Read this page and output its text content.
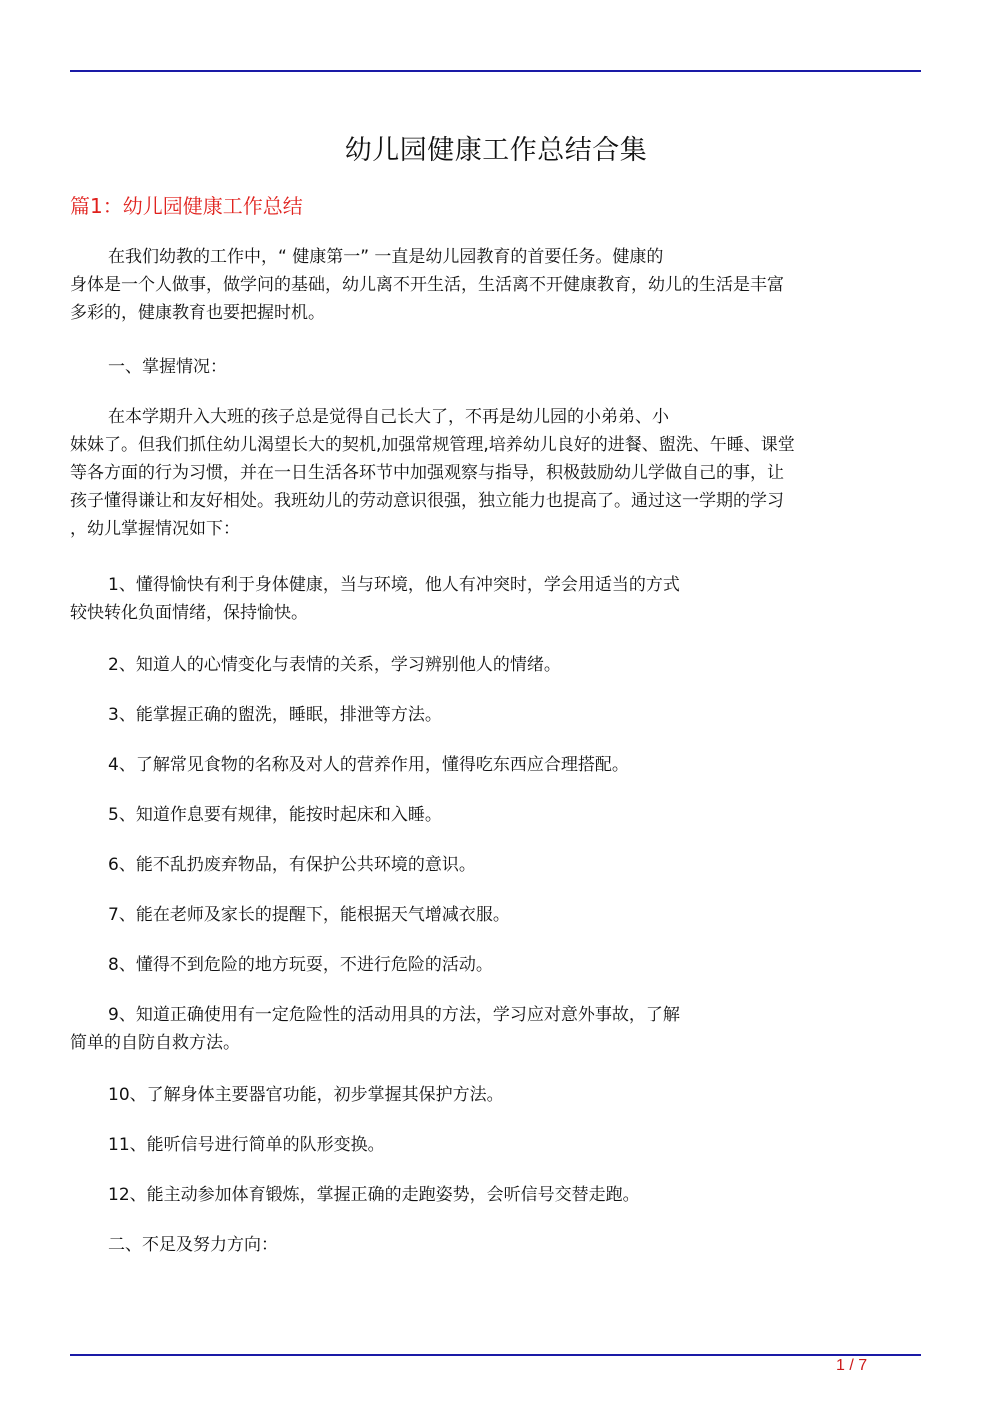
幼儿园健康工作总结合集
篇1：幼儿园健康工作总结
在我们幼教的工作中，“ 健康第一” 一直是幼儿园教育的首要任务。健康的
身体是一个人做事，做学问的基础，幼儿离不开生活，生活离不开健康教育，幼儿的生活是丰富
多彩的，健康教育也要把握时机。
一、掌握情况：
在本学期升入大班的孩子总是觉得自己长大了，不再是幼儿园的小弟弟、小
妹妹了。但我们抓住幼儿渴望长大的契机,加强常规管理,培养幼儿良好的进餐、盥洗、午睡、课堂
等各方面的行为习惯，并在一日生活各环节中加强观察与指导，积极鼓励幼儿学做自己的事，让
孩子懂得谦让和友好相处。我班幼儿的劳动意识很强，独立能力也提高了。通过这一学期的学习
，幼儿掌握情况如下：
1、懂得愉快有利于身体健康，当与环境，他人有冲突时，学会用适当的方式
较快转化负面情绪，保持愉快。
2、知道人的心情变化与表情的关系，学习辨别他人的情绪。
3、能掌握正确的盥洗，睡眠，排泄等方法。
4、了解常见食物的名称及对人的营养作用，懂得吃东西应合理搭配。
5、知道作息要有规律，能按时起床和入睡。
6、能不乱扔废弃物品，有保护公共环境的意识。
7、能在老师及家长的提醒下，能根据天气增减衣服。
8、懂得不到危险的地方玩耍，不进行危险的活动。
9、知道正确使用有一定危险性的活动用具的方法，学习应对意外事故，了解
简单的自防自救方法。
10、了解身体主要器官功能，初步掌握其保护方法。
11、能听信号进行简单的队形变换。
12、能主动参加体育锻炼，掌握正确的走跑姿势，会听信号交替走跑。
二、不足及努力方向：
1 / 7
